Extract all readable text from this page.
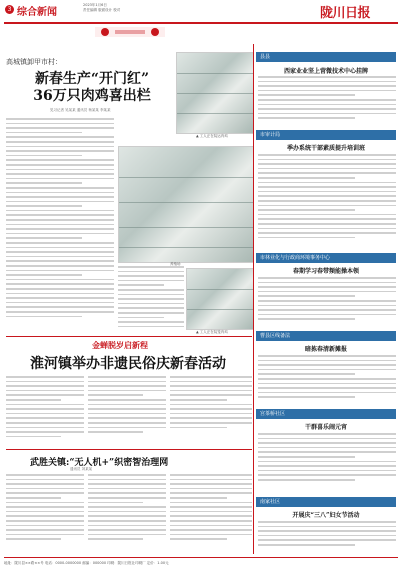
3 综合新闻
2023年1月6日
责任编辑 版面设计 校对	陇川日报
高城镇卸甲市村：
新春生产“开门红”
36万只肉鸡喜出栏
见习记者 吴某某 通讯员 杨某某 李某某
▲ 工人正在装运肉鸡
养殖场
▲ 工人正在装笼肉鸡
金蝉脱岁启新程
淮河镇举办非遗民俗庆新春活动
武胜关镇:“无人机+”织密智治理网
通讯员 刘某某
县县
西家业业坚上营微技术中心挂牌
市审计局
季办系统干部素质提升培训班
市林业化与行政商环境事务中心
春期学习春带频能操本领
曹县区线备法
暗拣春清新摊报
宫茶桥社区
干群喜乐闹元宵
南家社区
开展庆“三八”妇女节活动
地址：陇川县××路××号 电话：0000-0000000 邮编：000000 印刷：陇川日报社印刷厂 定价：1.00元
